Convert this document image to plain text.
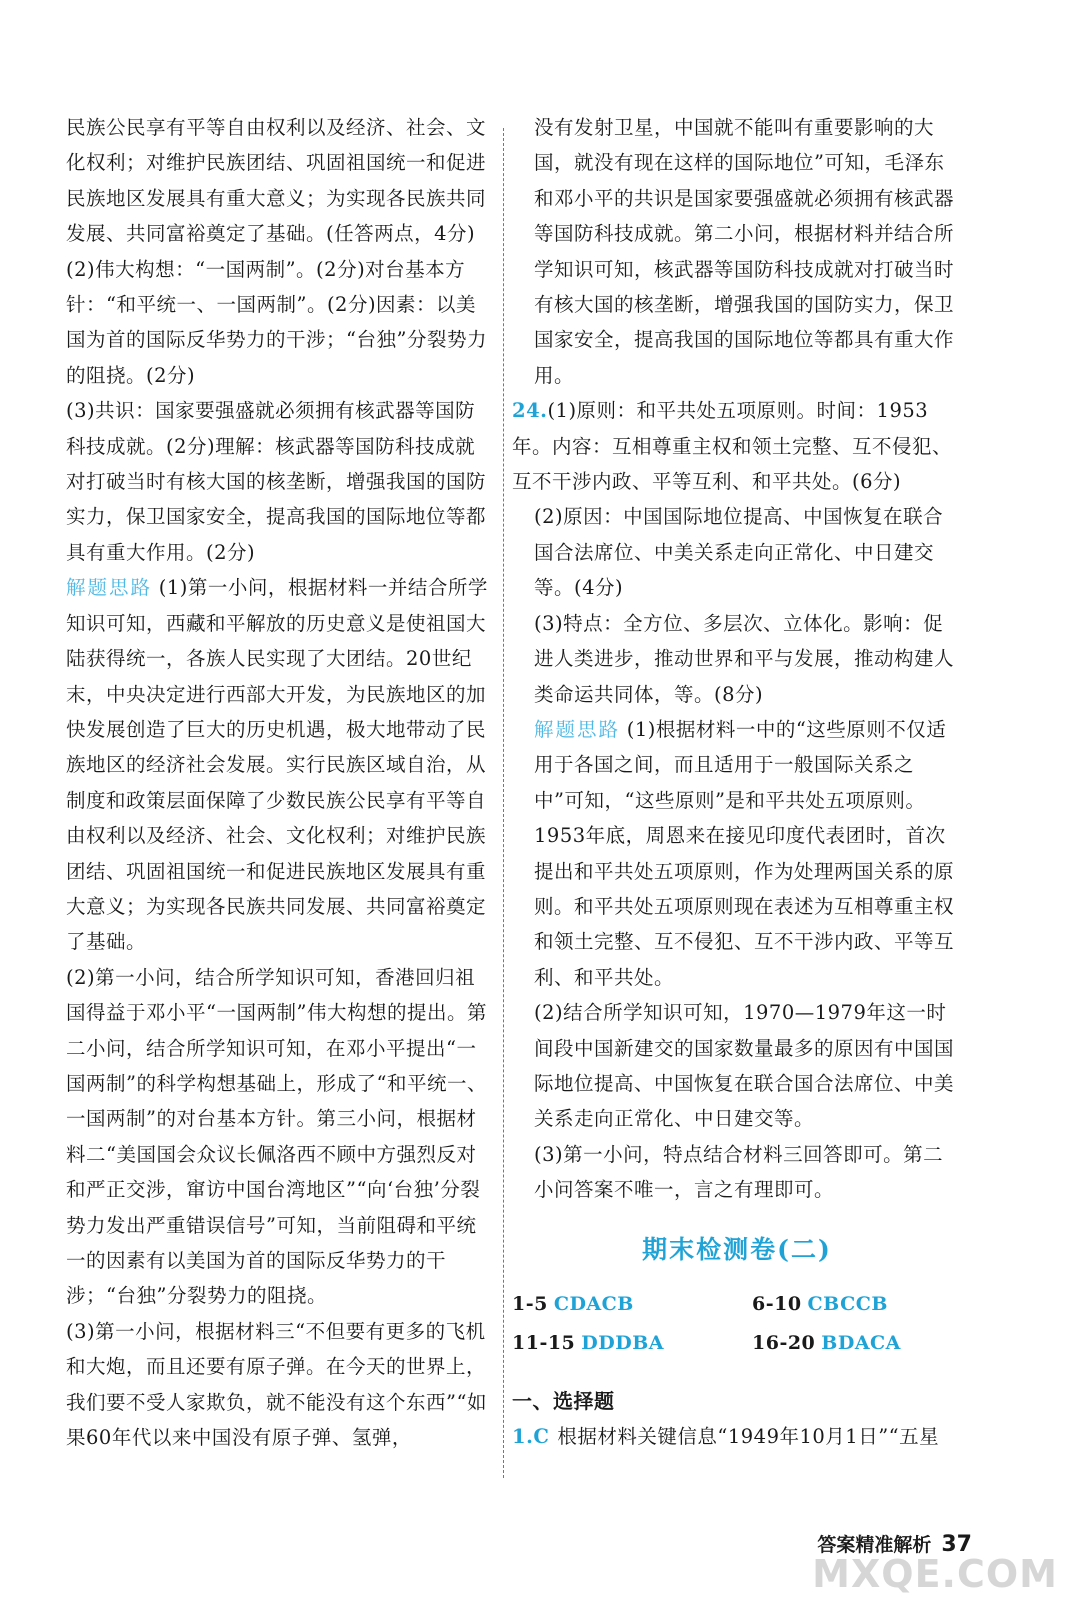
民族公民享有平等自由权利以及经济、社会、文化权利；对维护民族团结、巩固祖国统一和促进民族地区发展具有重大意义；为实现各民族共同发展、共同富裕奠定了基础。(任答两点，4分)

(2)伟大构想：“一国两制”。(2分)对台基本方针：“和平统一、一国两制”。(2分)因素：以美国为首的国际反华势力的干涉；“台独”分裂势力的阻挠。(2分)

(3)共识：国家要强盛就必须拥有核武器等国防科技成就。(2分)理解：核武器等国防科技成就对打破当时有核大国的核垄断，增强我国的国防实力，保卫国家安全，提高我国的国际地位等都具有重大作用。(2分)

解题思路 (1)第一小问，根据材料一并结合所学知识可知，西藏和平解放的历史意义是使祖国大陆获得统一，各族人民实现了大团结。20世纪末，中央决定进行西部大开发，为民族地区的加快发展创造了巨大的历史机遇，极大地带动了民族地区的经济社会发展。实行民族区域自治，从制度和政策层面保障了少数民族公民享有平等自由权利以及经济、社会、文化权利；对维护民族团结、巩固祖国统一和促进民族地区发展具有重大意义；为实现各民族共同发展、共同富裕奠定了基础。

(2)第一小问，结合所学知识可知，香港回归祖国得益于邓小平“一国两制”伟大构想的提出。第二小问，结合所学知识可知，在邓小平提出“一国两制”的科学构想基础上，形成了“和平统一、一国两制”的对台基本方针。第三小问，根据材料二“美国国会众议长佩洛西不顾中方强烈反对和严正交涉，窜访中国台湾地区”“向‘台独’分裂势力发出严重错误信号”可知，当前阻碍和平统一的因素有以美国为首的国际反华势力的干涉；“台独”分裂势力的阻挠。

(3)第一小问，根据材料三“不但要有更多的飞机和大炮，而且还要有原子弹。在今天的世界上，我们要不受人家欺负，就不能没有这个东西”“如果60年代以来中国没有原子弹、氢弹，

没有发射卫星，中国就不能叫有重要影响的大国，就没有现在这样的国际地位”可知，毛泽东和邓小平的共识是国家要强盛就必须拥有核武器等国防科技成就。第二小问，根据材料并结合所学知识可知，核武器等国防科技成就对打破当时有核大国的核垄断，增强我国的国防实力，保卫国家安全，提高我国的国际地位等都具有重大作用。

24.(1)原则：和平共处五项原则。时间：1953年。内容：互相尊重主权和领土完整、互不侵犯、互不干涉内政、平等互利、和平共处。(6分)

(2)原因：中国国际地位提高、中国恢复在联合国合法席位、中美关系走向正常化、中日建交等。(4分)

(3)特点：全方位、多层次、立体化。影响：促进人类进步，推动世界和平与发展，推动构建人类命运共同体，等。(8分)

解题思路 (1)根据材料一中的“这些原则不仅适用于各国之间，而且适用于一般国际关系之中”可知，“这些原则”是和平共处五项原则。1953年底，周恩来在接见印度代表团时，首次提出和平共处五项原则，作为处理两国关系的原则。和平共处五项原则现在表述为互相尊重主权和领土完整、互不侵犯、互不干涉内政、平等互利、和平共处。

(2)结合所学知识可知，1970—1979年这一时间段中国新建交的国家数量最多的原因有中国国际地位提高、中国恢复在联合国合法席位、中美关系走向正常化、中日建交等。

(3)第一小问，特点结合材料三回答即可。第二小问答案不唯一，言之有理即可。

期末检测卷(二)
1-5 CDACB	6-10 CBCCB
11-15 DDDBA	16-20 BDACA
一、选择题

1.C 根据材料关键信息“1949年10月1日”“五星

答案精准解析 37
MXQE.COM
